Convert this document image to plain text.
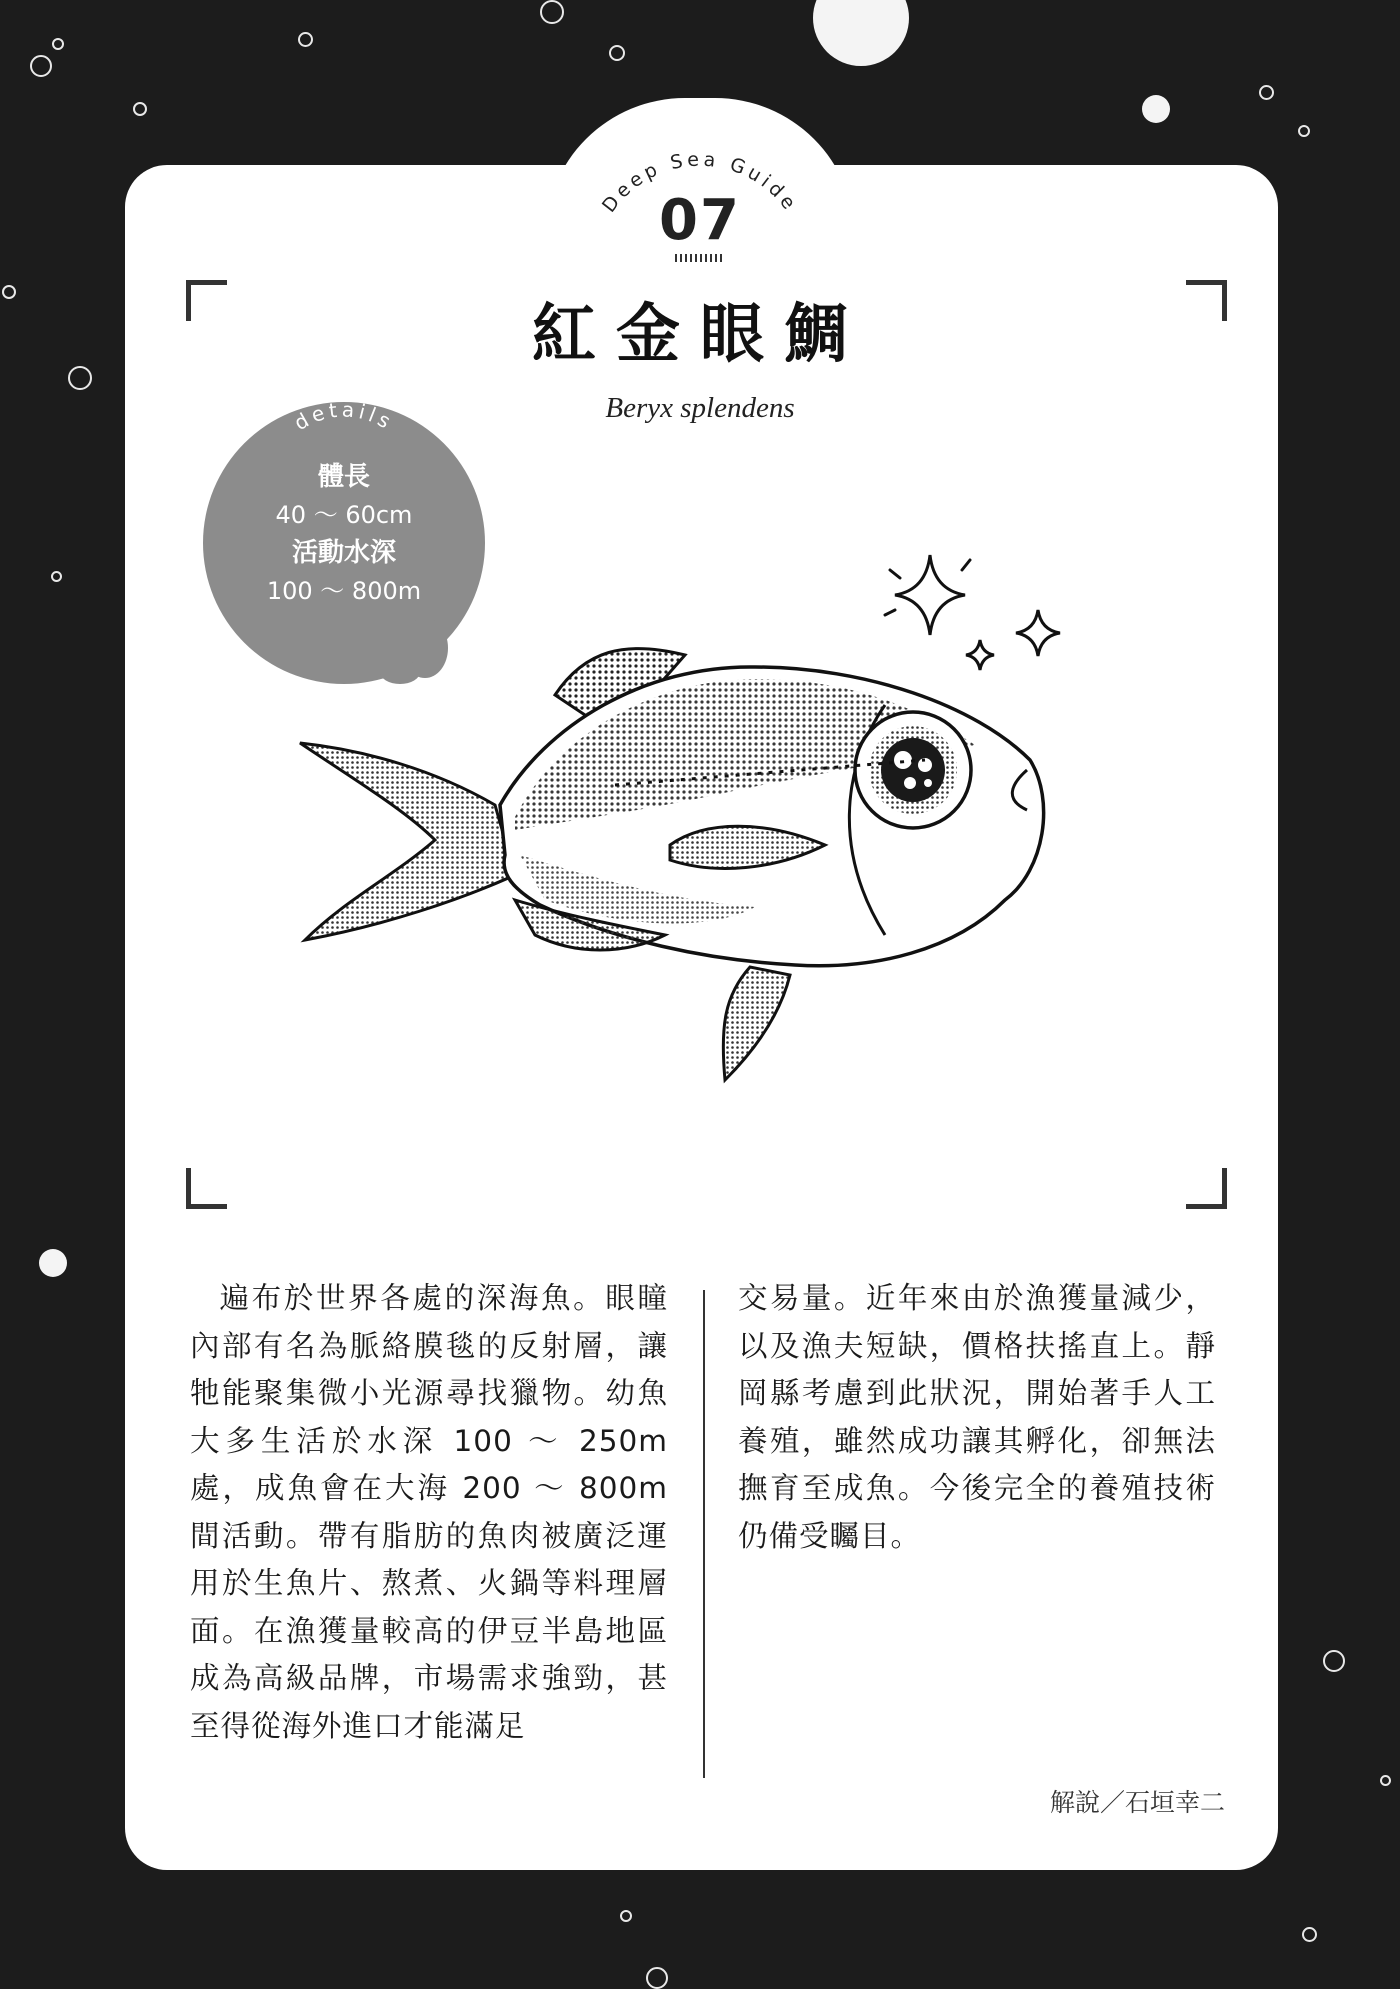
Deep Sea Guide
07
紅金眼鯛
Beryx splendens
details
體長
40 ～ 60cm
活動水深
100 ～ 800m
遍布於世界各處的深海魚。眼瞳內部有名為脈絡膜毯的反射層，讓牠能聚集微小光源尋找獵物。幼魚大多生活於水深 100 ～ 250m處，成魚會在大海 200 ～ 800m 間活動。帶有脂肪的魚肉被廣泛運用於生魚片、熬煮、火鍋等料理層面。在漁獲量較高的伊豆半島地區成為高級品牌，市場需求強勁，甚至得從海外進口才能滿足
交易量。近年來由於漁獲量減少，以及漁夫短缺，價格扶搖直上。靜岡縣考慮到此狀況，開始著手人工養殖，雖然成功讓其孵化，卻無法撫育至成魚。今後完全的養殖技術仍備受矚目。
解說／石垣幸二
